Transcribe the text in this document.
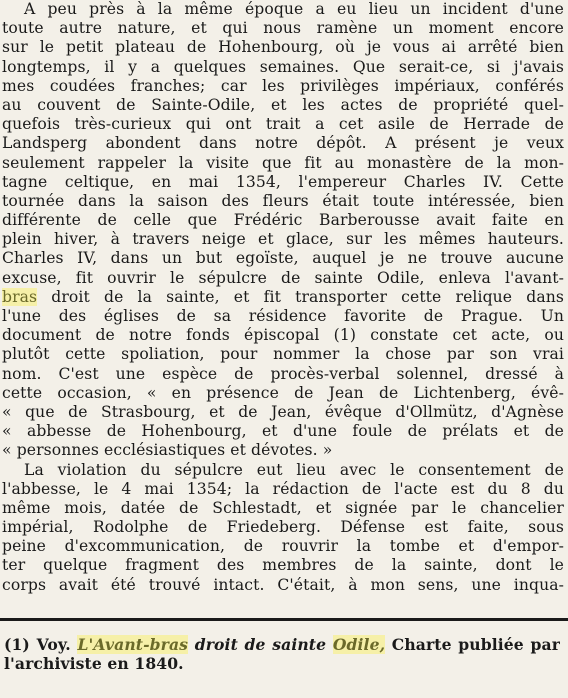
A peu près à la même époque a eu lieu un incident d'une
toute autre nature, et qui nous ramène un moment encore
sur le petit plateau de Hohenbourg, où je vous ai arrêté bien
longtemps, il y a quelques semaines. Que serait-ce, si j'avais
mes coudées franches; car les privilèges impériaux, conférés
au couvent de Sainte-Odile, et les actes de propriété quel-
quefois très-curieux qui ont trait a cet asile de Herrade de
Landsperg abondent dans notre dépôt. A présent je veux
seulement rappeler la visite que fit au monastère de la mon-
tagne celtique, en mai 1354, l'empereur Charles IV. Cette
tournée dans la saison des fleurs était toute intéressée, bien
différente de celle que Frédéric Barberousse avait faite en
plein hiver, à travers neige et glace, sur les mêmes hauteurs.
Charles IV, dans un but egoïste, auquel je ne trouve aucune
excuse, fit ouvrir le sépulcre de sainte Odile, enleva l'avant-
bras droit de la sainte, et fit transporter cette relique dans
l'une des églises de sa résidence favorite de Prague. Un
document de notre fonds épiscopal (1) constate cet acte, ou
plutôt cette spoliation, pour nommer la chose par son vrai
nom. C'est une espèce de procès-verbal solennel, dressé à
cette occasion, « en présence de Jean de Lichtenberg, évê-
« que de Strasbourg, et de Jean, évêque d'Ollmütz, d'Agnèse
« abbesse de Hohenbourg, et d'une foule de prélats et de
« personnes ecclésiastiques et dévotes. »
La violation du sépulcre eut lieu avec le consentement de
l'abbesse, le 4 mai 1354; la rédaction de l'acte est du 8 du
même mois, datée de Schlestadt, et signée par le chancelier
impérial, Rodolphe de Friedeberg. Défense est faite, sous
peine d'excommunication, de rouvrir la tombe et d'empor-
ter quelque fragment des membres de la sainte, dont le
corps avait été trouvé intact. C'était, à mon sens, une inqua-
(1) Voy. L'Avant-bras droit de sainte Odile, Charte publiée par
l'archiviste en 1840.
